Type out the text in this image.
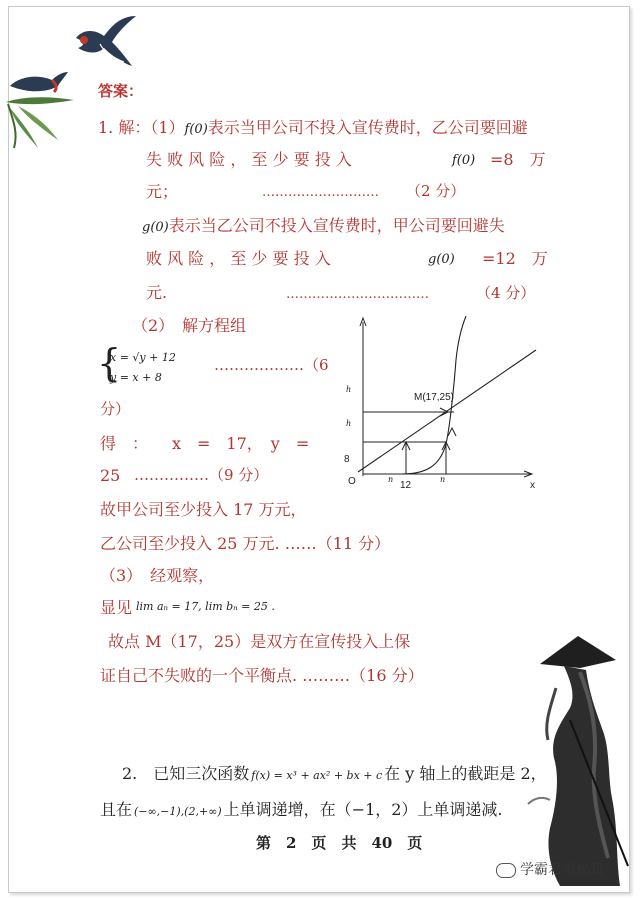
答案：
1. 解：（1）f(0)表示当甲公司不投入宣传费时，乙公司要回避
失 败 风 险 ， 至 少 要 投 入	f(0) =8　万
元；	……………………… （2 分）
g(0)表示当乙公司不投入宣传费时，甲公司要回避失
败 风 险 ， 至 少 要 投 入	g(0) =12　万
元.	……………………………	（4 分）
（2）　解方程组
{
x = √y + 12
y = x + 8
………………（6
分）
得　：　　x　=　17，　y　=
25 ……………（9 分）
故甲公司至少投入 17 万元，
乙公司至少投入 25 万元. ……（11 分）
（3）　经观察，
显见 lim aₙ = 17, lim bₙ = 25 .
故点 M（17，25）是双方在宣传投入上保
证自己不失败的一个平衡点. ………（16 分）
M(17,25)
O	x
8
12
h
h
n	n
2.　已知三次函数 f(x) = x³ + ax² + bx + c 在 y 轴上的截距是 2，
且在 (−∞,−1),(2,+∞) 上单调递增，在（−1，2）上单调递减.
第　2　页　共　40　页
学霸君说秘籍
